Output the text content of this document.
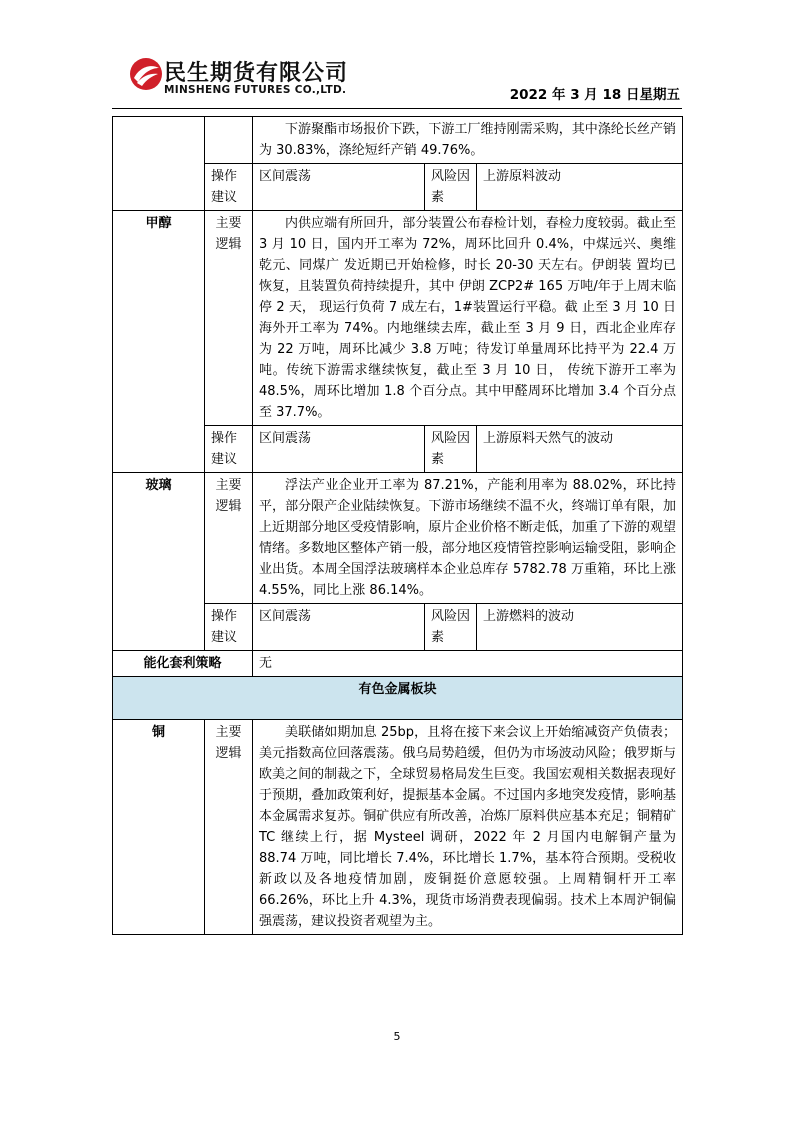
民生期货有限公司
MINSHENG FUTURES CO.,LTD.	2022 年 3 月 18 日星期五

		下游聚酯市场报价下跌，下游工厂维持刚需采购，其中涤纶长丝产销为 30.83%，涤纶短纤产销 49.76%。		

	操作建议	区间震荡	风险因素	上游原料波动
甲醇	主要逻辑	内供应端有所回升，部分装置公布春检计划，春检力度较弱。截止至 3 月 10 日，国内开工率为 72%，周环比回升 0.4%，中煤远兴、奥维乾元、同煤广 发近期已开始检修，时长 20-30 天左右。伊朗装 置均已恢复，且装置负荷持续提升，其中 伊朗 ZCP2# 165 万吨/年于上周末临停 2 天， 现运行负荷 7 成左右，1#装置运行平稳。截 止至 3 月 10 日海外开工率为 74%。内地继续去库，截止至 3 月 9 日，西北企业库存为 22 万吨，周环比减少 3.8 万吨；待发订单量周环比持平为 22.4 万吨。传统下游需求继续恢复，截止至 3 月 10 日， 传统下游开工率为 48.5%，周环比增加 1.8 个百分点。其中甲醛周环比增加 3.4 个百分点至 37.7%。		

	操作建议	区间震荡	风险因素	上游原料天然气的波动
玻璃	主要逻辑	浮法产业企业开工率为 87.21%，产能利用率为 88.02%，环比持平，部分限产企业陆续恢复。下游市场继续不温不火，终端订单有限，加上近期部分地区受疫情影响，原片企业价格不断走低，加重了下游的观望情绪。多数地区整体产销一般，部分地区疫情管控影响运输受阻，影响企业出货。本周全国浮法玻璃样本企业总库存 5782.78 万重箱，环比上涨 4.55%，同比上涨 86.14%。		

	操作建议	区间震荡	风险因素	上游燃料的波动
能化套利策略		无		
有色金属板块				
铜	主要逻辑	美联储如期加息 25bp，且将在接下来会议上开始缩减资产负债表；美元指数高位回落震荡。俄乌局势趋缓，但仍为市场波动风险；俄罗斯与欧美之间的制裁之下，全球贸易格局发生巨变。我国宏观相关数据表现好于预期，叠加政策利好，提振基本金属。不过国内多地突发疫情，影响基本金属需求复苏。铜矿供应有所改善，冶炼厂原料供应基本充足；铜精矿 TC 继续上行，据 Mysteel 调研，2022 年 2 月国内电解铜产量为 88.74 万吨，同比增长 7.4%，环比增长 1.7%，基本符合预期。受税收新政以及各地疫情加剧，废铜挺价意愿较强。上周精铜杆开工率 66.26%，环比上升 4.3%，现货市场消费表现偏弱。技术上本周沪铜偏强震荡，建议投资者观望为主。		
5
